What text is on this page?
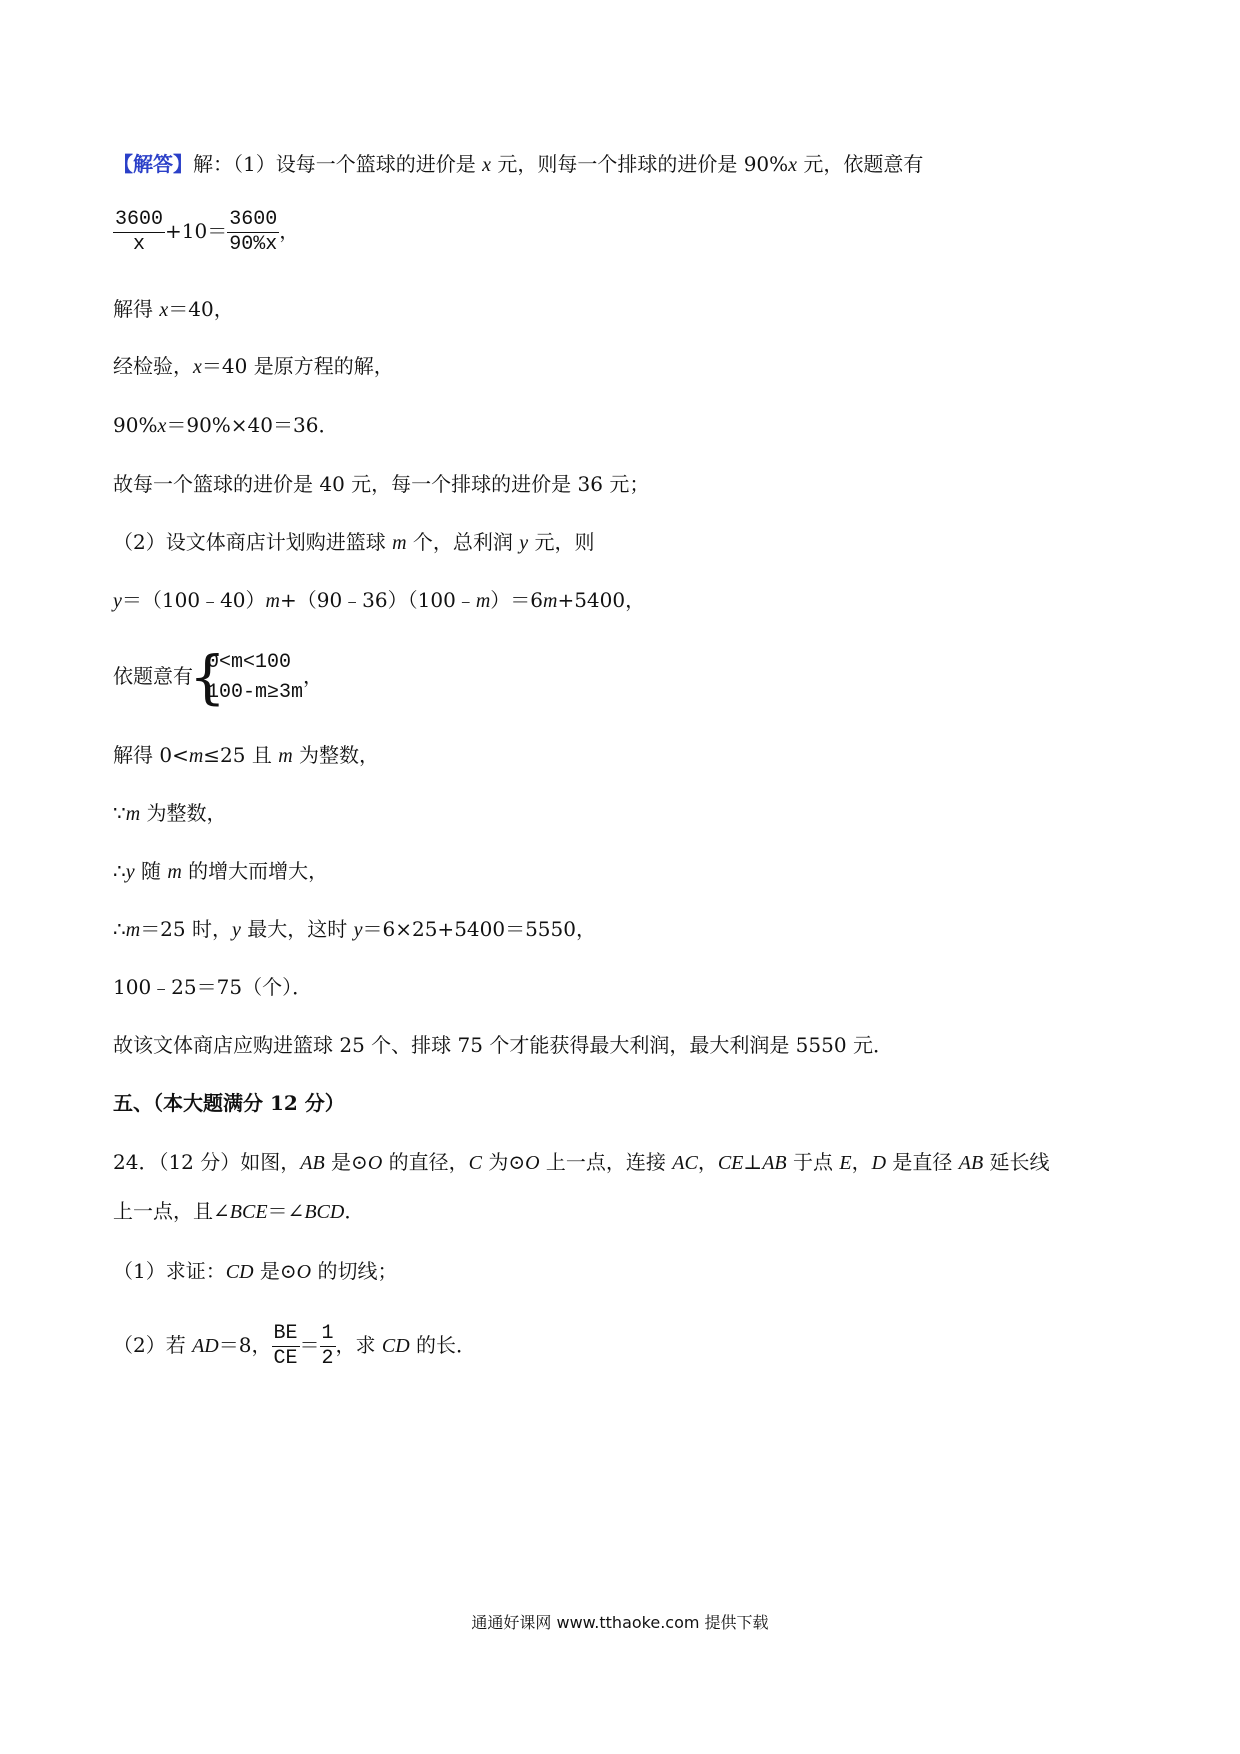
【解答】解：（1）设每一个篮球的进价是 x 元，则每一个排球的进价是 90%x 元，依题意有
$\frac{3600}{x} +10= \frac{3600}{90\%x}$ ，
解得 x＝40，
经检验，x＝40 是原方程的解，
90%x＝90%×40＝36．
故每一个篮球的进价是 40 元，每一个排球的进价是 36 元；
（2）设文体商店计划购进篮球 m 个，总利润 y 元，则
y＝（100﹣40）m+（90﹣36）（100﹣m）＝6m+5400，
依题意有
{
0<m<100
100-m≥3m
，
解得 0<m≤25 且 m 为整数，
∵m 为整数，
∴y 随 m 的增大而增大，
∴m＝25 时，y 最大，这时 y＝6×25+5400＝5550，
100﹣25＝75（个）．
故该文体商店应购进篮球 25 个、排球 75 个才能获得最大利润，最大利润是 5550 元．
五、（本大题满分 12 分）
24．（12 分）如图，AB 是⊙O 的直径，C 为⊙O 上一点，连接 AC，CE⊥AB 于点 E，D 是直径 AB 延长线
上一点，且∠BCE＝∠BCD．
（1）求证：CD 是⊙O 的切线；
（2）若 AD＝8， $\frac{BE}{CE} = \frac{1}{2}$ ，求 CD 的长．
通通好课网 www.tthaoke.com 提供下载
